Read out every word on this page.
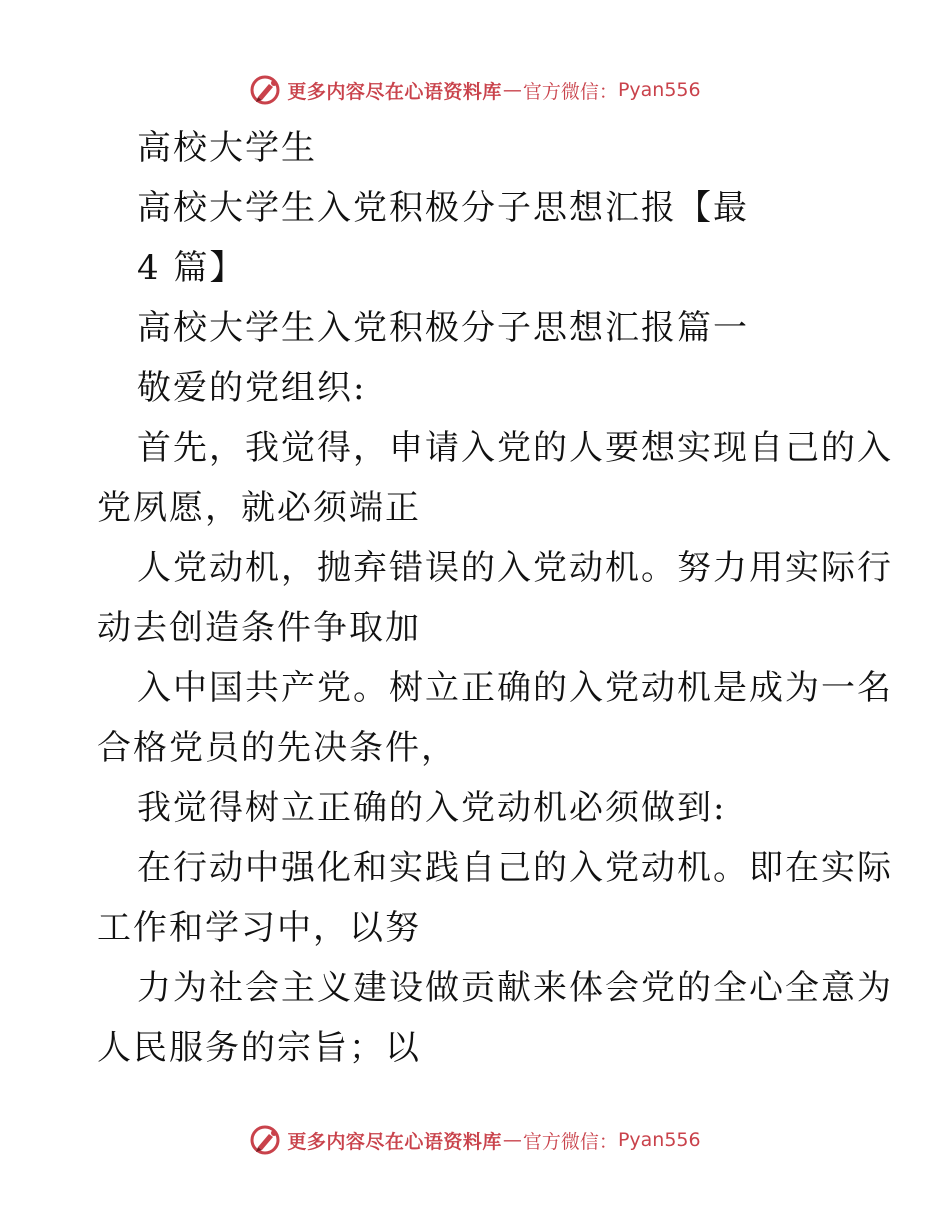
更多内容尽在心语资料库 — 官方微信： Pyan556
高校大学生
高校大学生入党积极分子思想汇报【最
4 篇】
高校大学生入党积极分子思想汇报篇一
敬爱的党组织:
首先，我觉得，申请入党的人要想实现自己的入
党夙愿，就必须端正
人党动机，抛弃错误的入党动机。努力用实际行
动去创造条件争取加
入中国共产党。树立正确的入党动机是成为一名
合格党员的先决条件，
我觉得树立正确的入党动机必须做到:
在行动中强化和实践自己的入党动机。即在实际
工作和学习中，以努
力为社会主义建设做贡献来体会党的全心全意为
人民服务的宗旨；以
更多内容尽在心语资料库 — 官方微信： Pyan556
